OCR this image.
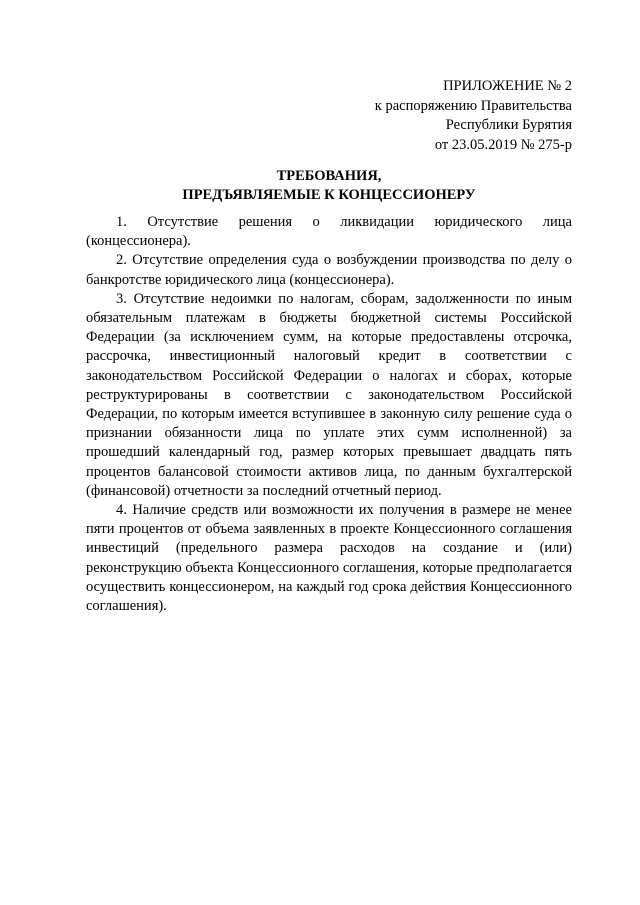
ПРИЛОЖЕНИЕ № 2
к распоряжению Правительства
Республики Бурятия
от 23.05.2019 № 275-р
ТРЕБОВАНИЯ,
ПРЕДЪЯВЛЯЕМЫЕ К КОНЦЕССИОНЕРУ

1. Отсутствие решения о ликвидации юридического лица (концессионера).

2. Отсутствие определения суда о возбуждении производства по делу о банкротстве юридического лица (концессионера).

3. Отсутствие недоимки по налогам, сборам, задолженности по иным обязательным платежам в бюджеты бюджетной системы Российской Федерации (за исключением сумм, на которые предоставлены отсрочка, рассрочка, инвестиционный налоговый кредит в соответствии с законодательством Российской Федерации о налогах и сборах, которые реструктурированы в соответствии с законодательством Российской Федерации, по которым имеется вступившее в законную силу решение суда о признании обязанности лица по уплате этих сумм исполненной) за прошедший календарный год, размер которых превышает двадцать пять процентов балансовой стоимости активов лица, по данным бухгалтерской (финансовой) отчетности за последний отчетный период.

4. Наличие средств или возможности их получения в размере не менее пяти процентов от объема заявленных в проекте Концессионного соглашения инвестиций (предельного размера расходов на создание и (или) реконструкцию объекта Концессионного соглашения, которые предполагается осуществить концессионером, на каждый год срока действия Концессионного соглашения).
